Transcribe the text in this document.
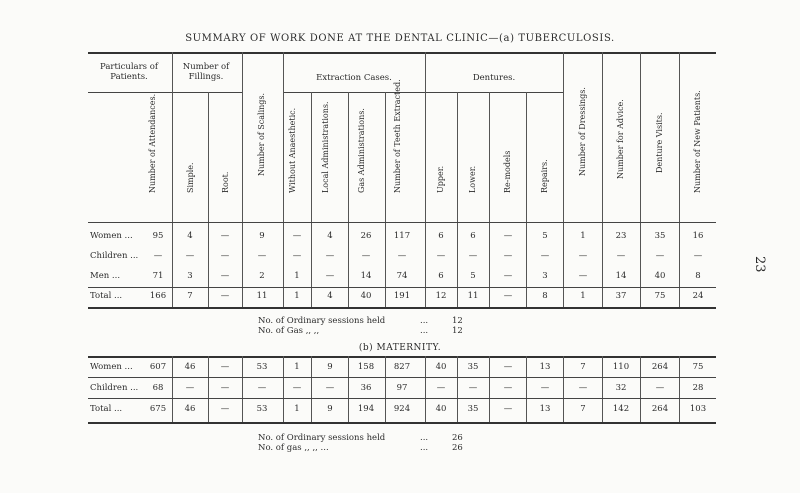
SUMMARY OF WORK DONE AT THE DENTAL CLINIC—(a) TUBERCULOSIS.
23
Particulars of Patients.
Number of Fillings.	Extraction Cases.	Dentures.
Number of Attendances.	Simple.	Root.
Number of Scalings.	Without Anaesthetic.	Local Administrations.	Gas Administrations.	Number of Teeth Extracted.	Upper.	Lower.	Re-models	Repairs.
Number of Dressings.	Number for Advice.	Denture Visits.	Number of New Patients.
Women ...	95	4	—	9	—	4	26	117	6	6	—	5	1	23	35	16
Children ...	—	—	—	—	—	—	—	—	—	—	—	—	—	—	—	—
Men ...	71	3	—	2	1	—	14	74	6	5	—	3	—	14	40	8
Total ...	166	7	—	11	1	4	40	191	12	11	—	8	1	37	75	24
No. of Ordinary sessions held	...	12
No. of Gas ,, ,,	...	12
(b) MATERNITY.
Women ...	607	46	—	53	1	9	158	827	40	35	—	13	7	110	264	75
Children ...	68	—	—	—	—	—	36	97	—	—	—	—	—	32	—	28
Total ...	675	46	—	53	1	9	194	924	40	35	—	13	7	142	264	103
No. of Ordinary sessions held	...	26
No. of gas ,, ,, ...	...	26
